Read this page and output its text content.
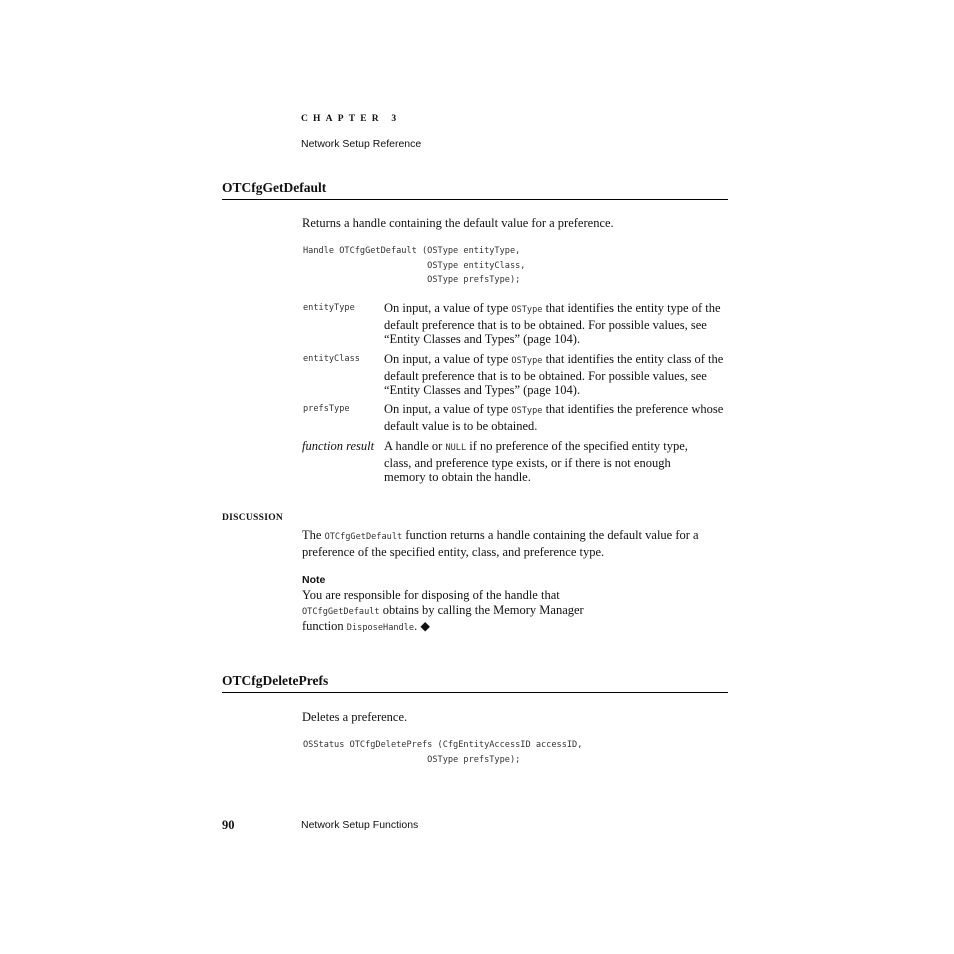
CHAPTER 3
Network Setup Reference
OTCfgGetDefault
Returns a handle containing the default value for a preference.
Handle OTCfgGetDefault (OSType entityType,
OSType entityClass,
OSType prefsType);
entityType On input, a value of type OSType that identifies the entity type of the default preference that is to be obtained. For possible values, see “Entity Classes and Types” (page 104).
entityClass On input, a value of type OSType that identifies the entity class of the default preference that is to be obtained. For possible values, see “Entity Classes and Types” (page 104).
prefsType	On input, a value of type OSType that identifies the preference whose default value is to be obtained.
function result A handle or NULL if no preference of the specified entity type, class, and preference type exists, or if there is not enough memory to obtain the handle.
DISCUSSION
The OTCfgGetDefault function returns a handle containing the default value for a preference of the specified entity, class, and preference type.
Note
You are responsible for disposing of the handle that
OTCfgGetDefault obtains by calling the Memory Manager
function DisposeHandle. ◆
OTCfgDeletePrefs
Deletes a preference.
OSStatus OTCfgDeletePrefs (CfgEntityAccessID accessID,
OSType prefsType);
90	Network Setup Functions
